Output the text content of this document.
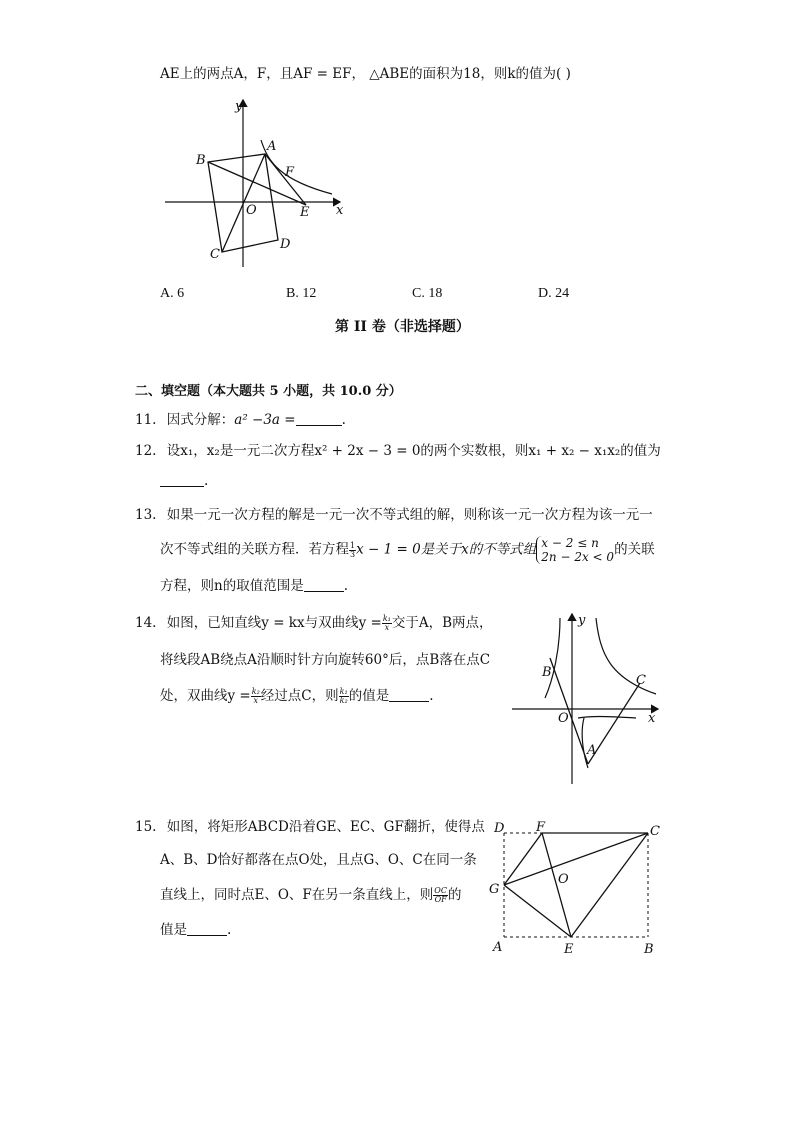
AE上的两点A，F，且AF = EF， △ABE的面积为18，则k的值为( )
y
x
A
B
C
D
E
F
O
A. 6	B. 12	C. 18	D. 24
第 II 卷（非选择题）
二、填空题（本大题共 5 小题，共 10.0 分）
11. 因式分解：a² −3a =	.
12. 设x₁，x₂是一元二次方程x² + 2x − 3 = 0的两个实数根，则x₁ + x₂ − x₁x₂的值为
.
13. 如果一元一次方程的解是一元一次不等式组的解，则称该一元一次方程为该一元一
次不等式组的关联方程．若方程 $\frac{1}{3}$ x − 1 = 0是关于x的不等式组 x − 2 ≤ n
2n − 2x < 0 的关联
方程，则n的取值范围是	.
14. 如图，已知直线y = kx与双曲线$y = \frac{\text{k₁}}{x}$ 交于A，B两点，
将线段AB绕点A沿顺时针方向旋转60°后，点B落在点C
处，双曲线$y = \frac{\text{k₂}}{x}$ 经过点C，则 $\frac{\text{k₁}}{\text{k₂}}$ 的值是	.
y
x
O
A
B
C
15. 如图，将矩形ABCD沿着GE、EC、GF翻折，使得点
A、B、D恰好都落在点O处，且点G、O、C在同一条
直线上，同时点E、O、F在另一条直线上，则 $\frac{OC}{OF}$ 的
值是	.
D F	C
G
O
A	E	B
